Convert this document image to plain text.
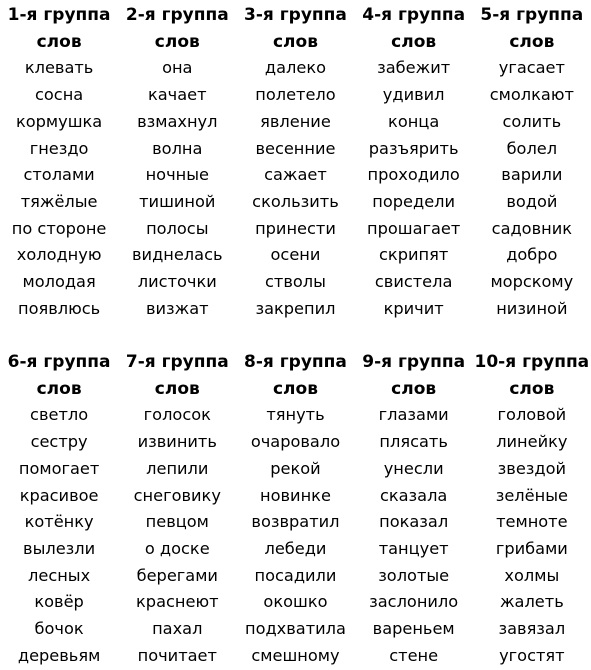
1-я группа
слов
клевать
сосна
кормушка
гнездо
столами
тяжёлые
по стороне
холодную
молодая
появлюсь
2-я группа
слов
она
качает
взмахнул
волна
ночные
тишиной
полосы
виднелась
листочки
визжат
3-я группа
слов
далеко
полетело
явление
весенние
сажает
скользить
принести
осени
стволы
закрепил
4-я группа
слов
забежит
удивил
конца
разъярить
проходило
поредели
прошагает
скрипят
свистела
кричит
5-я группа
слов
угасает
смолкают
солить
болел
варили
водой
садовник
добро
морскому
низиной
6-я группа
слов
светло
сестру
помогает
красивое
котёнку
вылезли
лесных
ковёр
бочок
деревьям
7-я группа
слов
голосок
извинить
лепили
снеговику
певцом
о доске
берегами
краснеют
пахал
почитает
8-я группа
слов
тянуть
очаровало
рекой
новинке
возвратил
лебеди
посадили
окошко
подхватила
смешному
9-я группа
слов
глазами
плясать
унесли
сказала
показал
танцует
золотые
заслонило
вареньем
стене
10-я группа
слов
головой
линейку
звездой
зелёные
темноте
грибами
холмы
жалеть
завязал
угостят
